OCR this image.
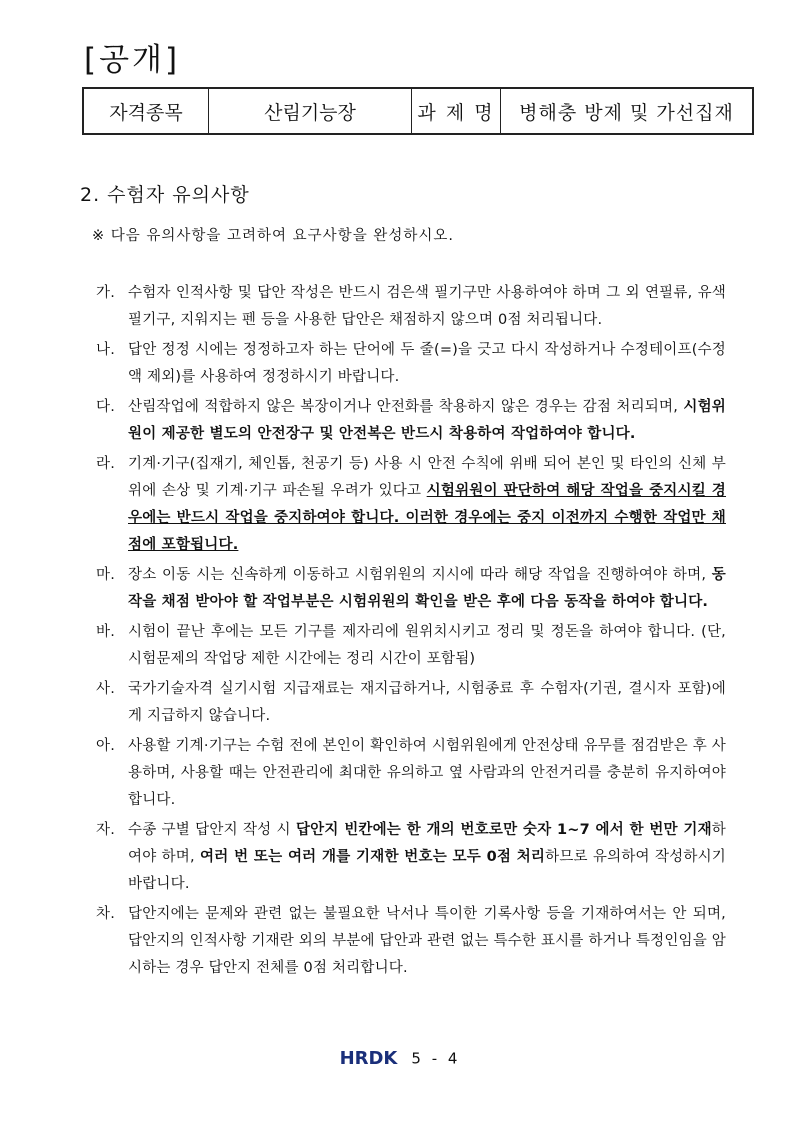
[공개]
자격종목	산림기능장	과 제 명	병해충 방제 및 가선집재
2. 수험자 유의사항
※ 다음 유의사항을 고려하여 요구사항을 완성하시오.
가. 수험자 인적사항 및 답안 작성은 반드시 검은색 필기구만 사용하여야 하며 그 외 연필류, 유색 필기구, 지워지는 펜 등을 사용한 답안은 채점하지 않으며 0점 처리됩니다.
나. 답안 정정 시에는 정정하고자 하는 단어에 두 줄(=)을 긋고 다시 작성하거나 수정테이프(수정액 제외)를 사용하여 정정하시기 바랍니다.
다. 산림작업에 적합하지 않은 복장이거나 안전화를 착용하지 않은 경우는 감점 처리되며, 시험위원이 제공한 별도의 안전장구 및 안전복은 반드시 착용하여 작업하여야 합니다.
라. 기계·기구(집재기, 체인톱, 천공기 등) 사용 시 안전 수칙에 위배 되어 본인 및 타인의 신체 부위에 손상 및 기계·기구 파손될 우려가 있다고 시험위원이 판단하여 해당 작업을 중지시킬 경우에는 반드시 작업을 중지하여야 합니다. 이러한 경우에는 중지 이전까지 수행한 작업만 채점에 포함됩니다.
마. 장소 이동 시는 신속하게 이동하고 시험위원의 지시에 따라 해당 작업을 진행하여야 하며, 동작을 채점 받아야 할 작업부분은 시험위원의 확인을 받은 후에 다음 동작을 하여야 합니다.
바. 시험이 끝난 후에는 모든 기구를 제자리에 원위치시키고 정리 및 정돈을 하여야 합니다. (단, 시험문제의 작업당 제한 시간에는 정리 시간이 포함됨)
사. 국가기술자격 실기시험 지급재료는 재지급하거나, 시험종료 후 수험자(기권, 결시자 포함)에게 지급하지 않습니다.
아. 사용할 기계·기구는 수험 전에 본인이 확인하여 시험위원에게 안전상태 유무를 점검받은 후 사용하며, 사용할 때는 안전관리에 최대한 유의하고 옆 사람과의 안전거리를 충분히 유지하여야 합니다.
자. 수종 구별 답안지 작성 시 답안지 빈칸에는 한 개의 번호로만 숫자 1~7 에서 한 번만 기재하여야 하며, 여러 번 또는 여러 개를 기재한 번호는 모두 0점 처리하므로 유의하여 작성하시기 바랍니다.
차. 답안지에는 문제와 관련 없는 불필요한 낙서나 특이한 기록사항 등을 기재하여서는 안 되며, 답안지의 인적사항 기재란 외의 부분에 답안과 관련 없는 특수한 표시를 하거나 특정인임을 암시하는 경우 답안지 전체를 0점 처리합니다.
HRDK 5 - 4
